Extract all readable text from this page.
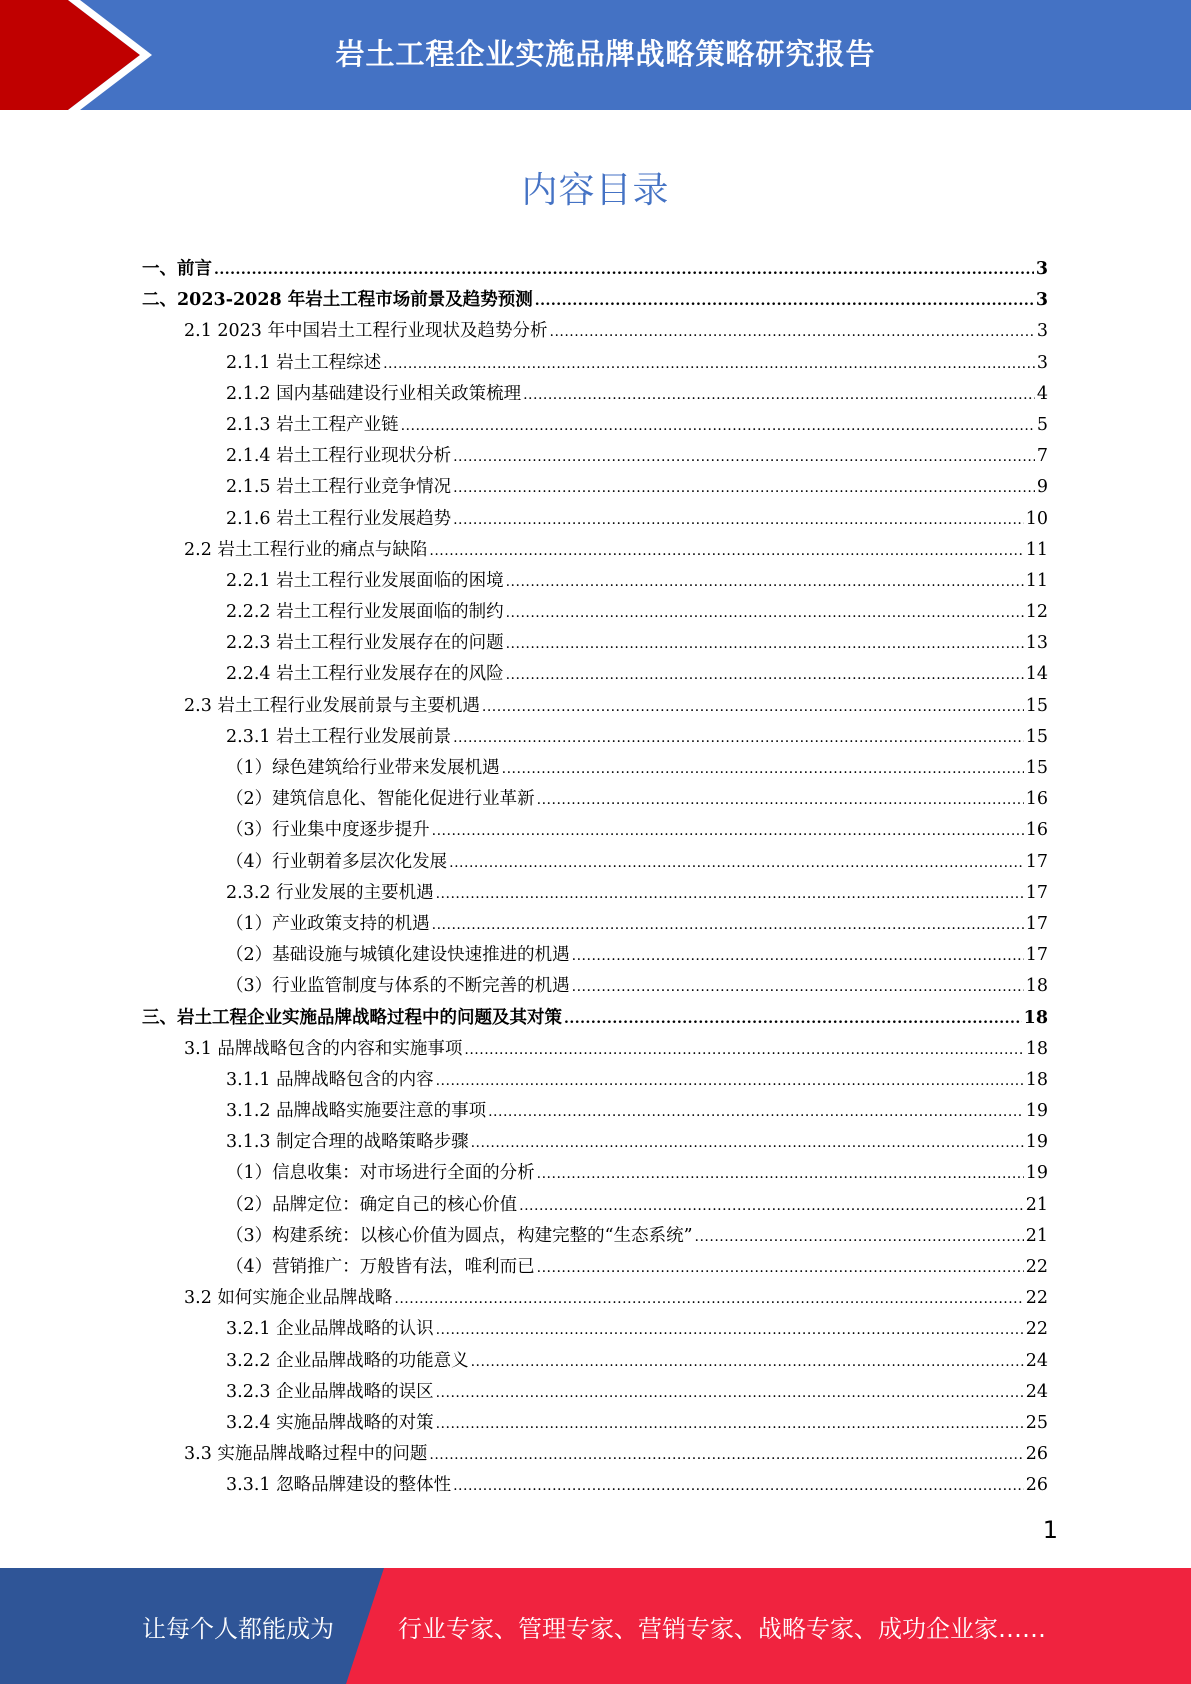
岩土工程企业实施品牌战略策略研究报告
内容目录
一、前言 .....	3
二、2023-2028 年岩土工程市场前景及趋势预测 .....	3
2.1 2023 年中国岩土工程行业现状及趋势分析 .....	3
2.1.1 岩土工程综述 .....	3
2.1.2 国内基础建设行业相关政策梳理 .....	4
2.1.3 岩土工程产业链 .....	5
2.1.4 岩土工程行业现状分析 .....	7
2.1.5 岩土工程行业竞争情况 .....	9
2.1.6 岩土工程行业发展趋势 .....	10
2.2 岩土工程行业的痛点与缺陷 .....	11
2.2.1 岩土工程行业发展面临的困境 .....	11
2.2.2 岩土工程行业发展面临的制约 .....	12
2.2.3 岩土工程行业发展存在的问题 .....	13
2.2.4 岩土工程行业发展存在的风险 .....	14
2.3 岩土工程行业发展前景与主要机遇 .....	15
2.3.1 岩土工程行业发展前景 .....	15
（1）绿色建筑给行业带来发展机遇 .....	15
（2）建筑信息化、智能化促进行业革新 .....	16
（3）行业集中度逐步提升 .....	16
（4）行业朝着多层次化发展 .....	17
2.3.2 行业发展的主要机遇 .....	17
（1）产业政策支持的机遇 .....	17
（2）基础设施与城镇化建设快速推进的机遇 .....	17
（3）行业监管制度与体系的不断完善的机遇 .....	18
三、岩土工程企业实施品牌战略过程中的问题及其对策 .....	18
3.1 品牌战略包含的内容和实施事项 .....	18
3.1.1 品牌战略包含的内容 .....	18
3.1.2 品牌战略实施要注意的事项 .....	19
3.1.3 制定合理的战略策略步骤 .....	19
（1）信息收集：对市场进行全面的分析 .....	19
（2）品牌定位：确定自己的核心价值 .....	21
（3）构建系统：以核心价值为圆点，构建完整的“生态系统” .....	21
（4）营销推广：万般皆有法，唯利而已 .....	22
3.2 如何实施企业品牌战略 .....	22
3.2.1 企业品牌战略的认识 .....	22
3.2.2 企业品牌战略的功能意义 .....	24
3.2.3 企业品牌战略的误区 .....	24
3.2.4 实施品牌战略的对策 .....	25
3.3 实施品牌战略过程中的问题 .....	26
3.3.1 忽略品牌建设的整体性 .....	26
1
让每个人都能成为	行业专家、管理专家、营销专家、战略专家、成功企业家……
